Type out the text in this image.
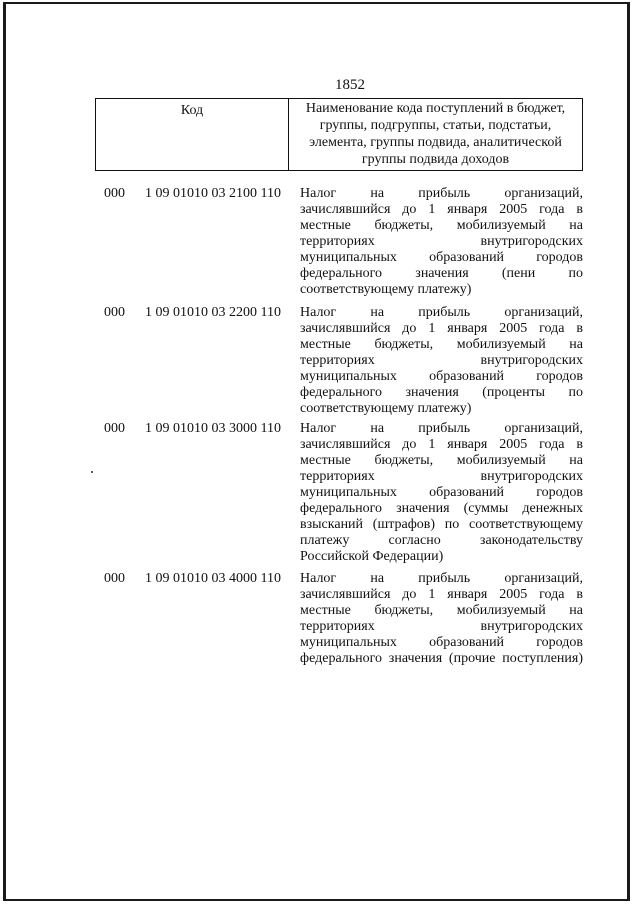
1852
Код	Наименование кода поступлений в бюджет, группы, подгруппы, статьи, подстатьи, элемента, группы подвида, аналитической группы подвида доходов
000 1 09 01010 03 2100 110 Налог на прибыль организаций,
зачислявшийся до 1 января 2005 года в
местные бюджеты, мобилизуемый на
территориях внутригородских
муниципальных образований городов
федерального значения (пени по
соответствующему платежу)
000 1 09 01010 03 2200 110 Налог на прибыль организаций,
зачислявшийся до 1 января 2005 года в
местные бюджеты, мобилизуемый на
территориях внутригородских
муниципальных образований городов
федерального значения (проценты по
соответствующему платежу)
000 1 09 01010 03 3000 110 Налог на прибыль организаций,
зачислявшийся до 1 января 2005 года в
местные бюджеты, мобилизуемый на
территориях внутригородских
муниципальных образований городов
федерального значения (суммы денежных
взысканий (штрафов) по соответствующему
платежу согласно законодательству
Российской Федерации)
000 1 09 01010 03 4000 110 Налог на прибыль организаций,
зачислявшийся до 1 января 2005 года в
местные бюджеты, мобилизуемый на
территориях внутригородских
муниципальных образований городов
федерального значения (прочие поступления)
